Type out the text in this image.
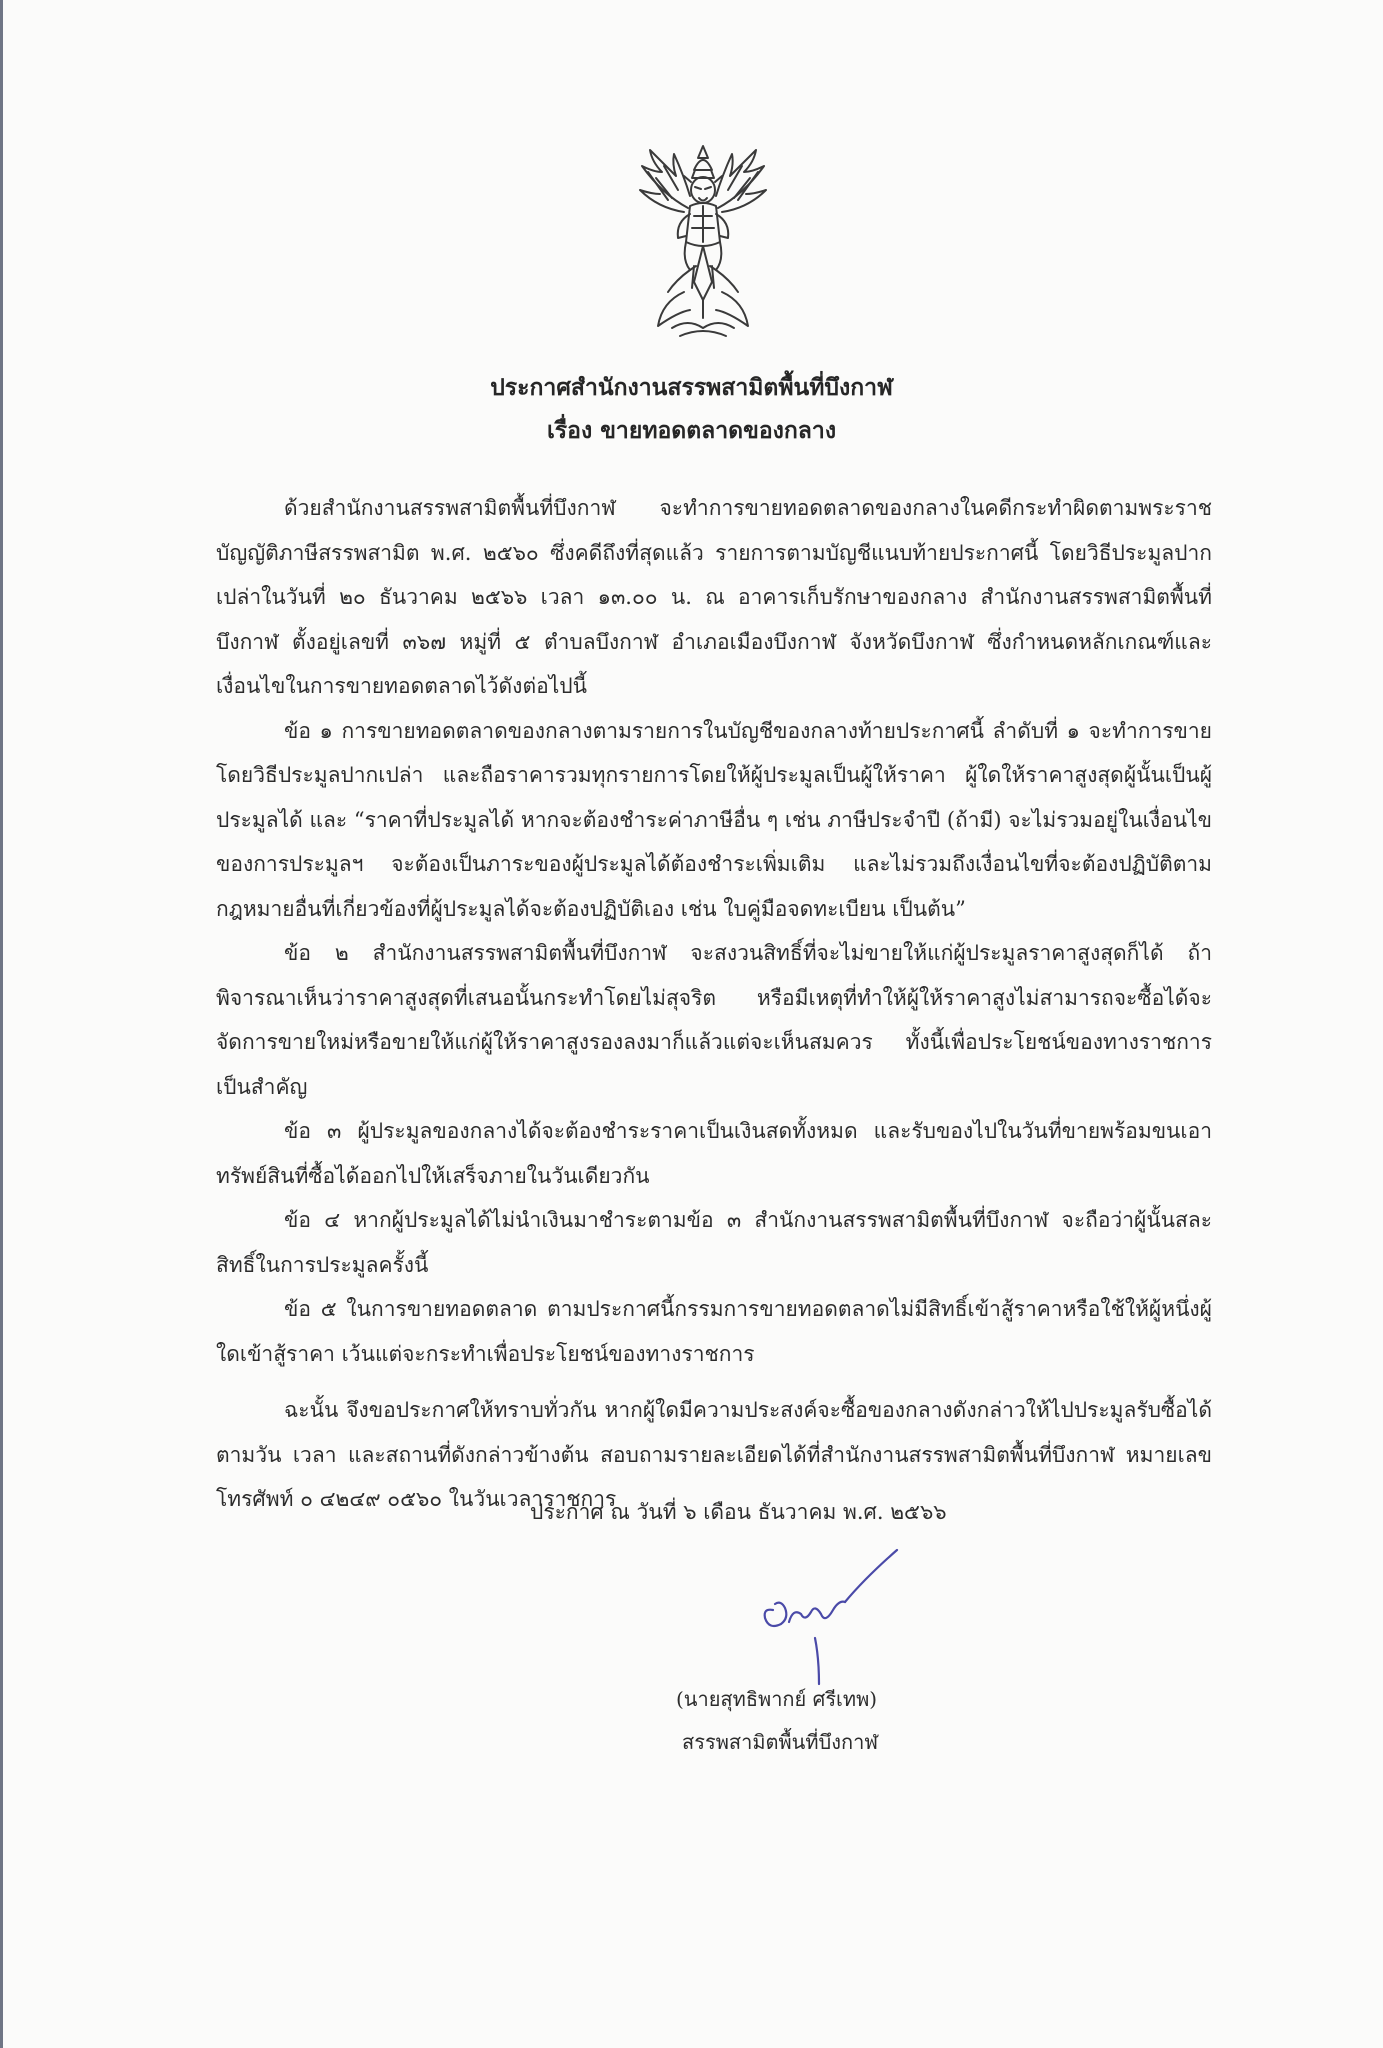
ประกาศสำนักงานสรรพสามิตพื้นที่บึงกาฬ
เรื่อง ขายทอดตลาดของกลาง

ด้วยสำนักงานสรรพสามิตพื้นที่บึงกาฬ จะทำการขายทอดตลาดของกลางในคดีกระทำผิดตามพระราชบัญญัติภาษีสรรพสามิต พ.ศ. ๒๕๖๐ ซึ่งคดีถึงที่สุดแล้ว รายการตามบัญชีแนบท้ายประกาศนี้ โดยวิธีประมูลปากเปล่าในวันที่ ๒๐ ธันวาคม ๒๕๖๖ เวลา ๑๓.๐๐ น. ณ อาคารเก็บรักษาของกลาง สำนักงานสรรพสามิตพื้นที่บึงกาฬ ตั้งอยู่เลขที่ ๓๖๗ หมู่ที่ ๕ ตำบลบึงกาฬ อำเภอเมืองบึงกาฬ จังหวัดบึงกาฬ ซึ่งกำหนดหลักเกณฑ์และเงื่อนไขในการขายทอดตลาดไว้ดังต่อไปนี้

ข้อ ๑ การขายทอดตลาดของกลางตามรายการในบัญชีของกลางท้ายประกาศนี้ ลำดับที่ ๑ จะทำการขายโดยวิธีประมูลปากเปล่า และถือราคารวมทุกรายการโดยให้ผู้ประมูลเป็นผู้ให้ราคา ผู้ใดให้ราคาสูงสุดผู้นั้นเป็นผู้ประมูลได้ และ “ราคาที่ประมูลได้ หากจะต้องชำระค่าภาษีอื่น ๆ เช่น ภาษีประจำปี (ถ้ามี) จะไม่รวมอยู่ในเงื่อนไขของการประมูลฯ จะต้องเป็นภาระของผู้ประมูลได้ต้องชำระเพิ่มเติม และไม่รวมถึงเงื่อนไขที่จะต้องปฏิบัติตามกฎหมายอื่นที่เกี่ยวข้องที่ผู้ประมูลได้จะต้องปฏิบัติเอง เช่น ใบคู่มือจดทะเบียน เป็นต้น”

ข้อ ๒ สำนักงานสรรพสามิตพื้นที่บึงกาฬ จะสงวนสิทธิ์ที่จะไม่ขายให้แก่ผู้ประมูลราคาสูงสุดก็ได้ ถ้าพิจารณาเห็นว่าราคาสูงสุดที่เสนอนั้นกระทำโดยไม่สุจริต หรือมีเหตุที่ทำให้ผู้ให้ราคาสูงไม่สามารถจะซื้อได้จะจัดการขายใหม่หรือขายให้แก่ผู้ให้ราคาสูงรองลงมาก็แล้วแต่จะเห็นสมควร ทั้งนี้เพื่อประโยชน์ของทางราชการเป็นสำคัญ

ข้อ ๓ ผู้ประมูลของกลางได้จะต้องชำระราคาเป็นเงินสดทั้งหมด และรับของไปในวันที่ขายพร้อมขนเอาทรัพย์สินที่ซื้อได้ออกไปให้เสร็จภายในวันเดียวกัน

ข้อ ๔ หากผู้ประมูลได้ไม่นำเงินมาชำระตามข้อ ๓ สำนักงานสรรพสามิตพื้นที่บึงกาฬ จะถือว่าผู้นั้นสละสิทธิ์ในการประมูลครั้งนี้

ข้อ ๕ ในการขายทอดตลาด ตามประกาศนี้กรรมการขายทอดตลาดไม่มีสิทธิ์เข้าสู้ราคาหรือใช้ให้ผู้หนึ่งผู้ใดเข้าสู้ราคา เว้นแต่จะกระทำเพื่อประโยชน์ของทางราชการ

ฉะนั้น จึงขอประกาศให้ทราบทั่วกัน หากผู้ใดมีความประสงค์จะซื้อของกลางดังกล่าวให้ไปประมูลรับซื้อได้ตามวัน เวลา และสถานที่ดังกล่าวข้างต้น สอบถามรายละเอียดได้ที่สำนักงานสรรพสามิตพื้นที่บึงกาฬ หมายเลขโทรศัพท์ ๐ ๔๒๔๙ ๐๕๖๐ ในวันเวลาราชการ

ประกาศ ณ วันที่ ๖ เดือน ธันวาคม พ.ศ. ๒๕๖๖
(นายสุทธิพากย์ ศรีเทพ)
สรรพสามิตพื้นที่บึงกาฬ
